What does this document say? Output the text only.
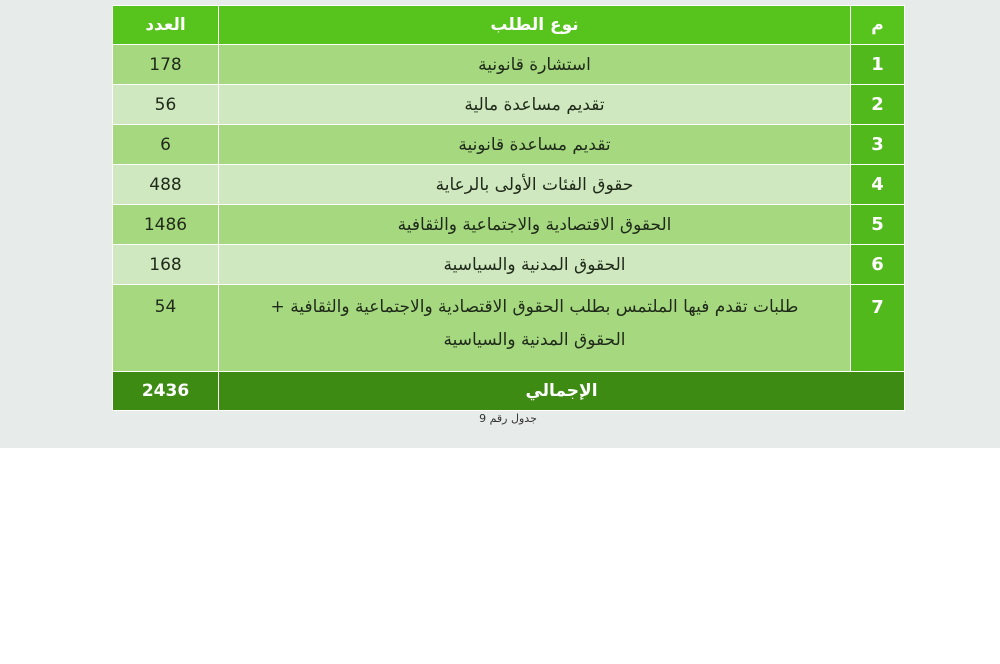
م	نوع الطلب	العدد
1	استشارة قانونية	178
2	تقديم مساعدة مالية	56
3	تقديم مساعدة قانونية	6
4	حقوق الفئات الأولى بالرعاية	488
5	الحقوق الاقتصادية والاجتماعية والثقافية	1486
6	الحقوق المدنية والسياسية	168
7	طلبات تقدم فيها الملتمس بطلب الحقوق الاقتصادية والاجتماعية والثقافية + الحقوق المدنية والسياسية	54
الإجمالي		2436
جدول رقم 9
